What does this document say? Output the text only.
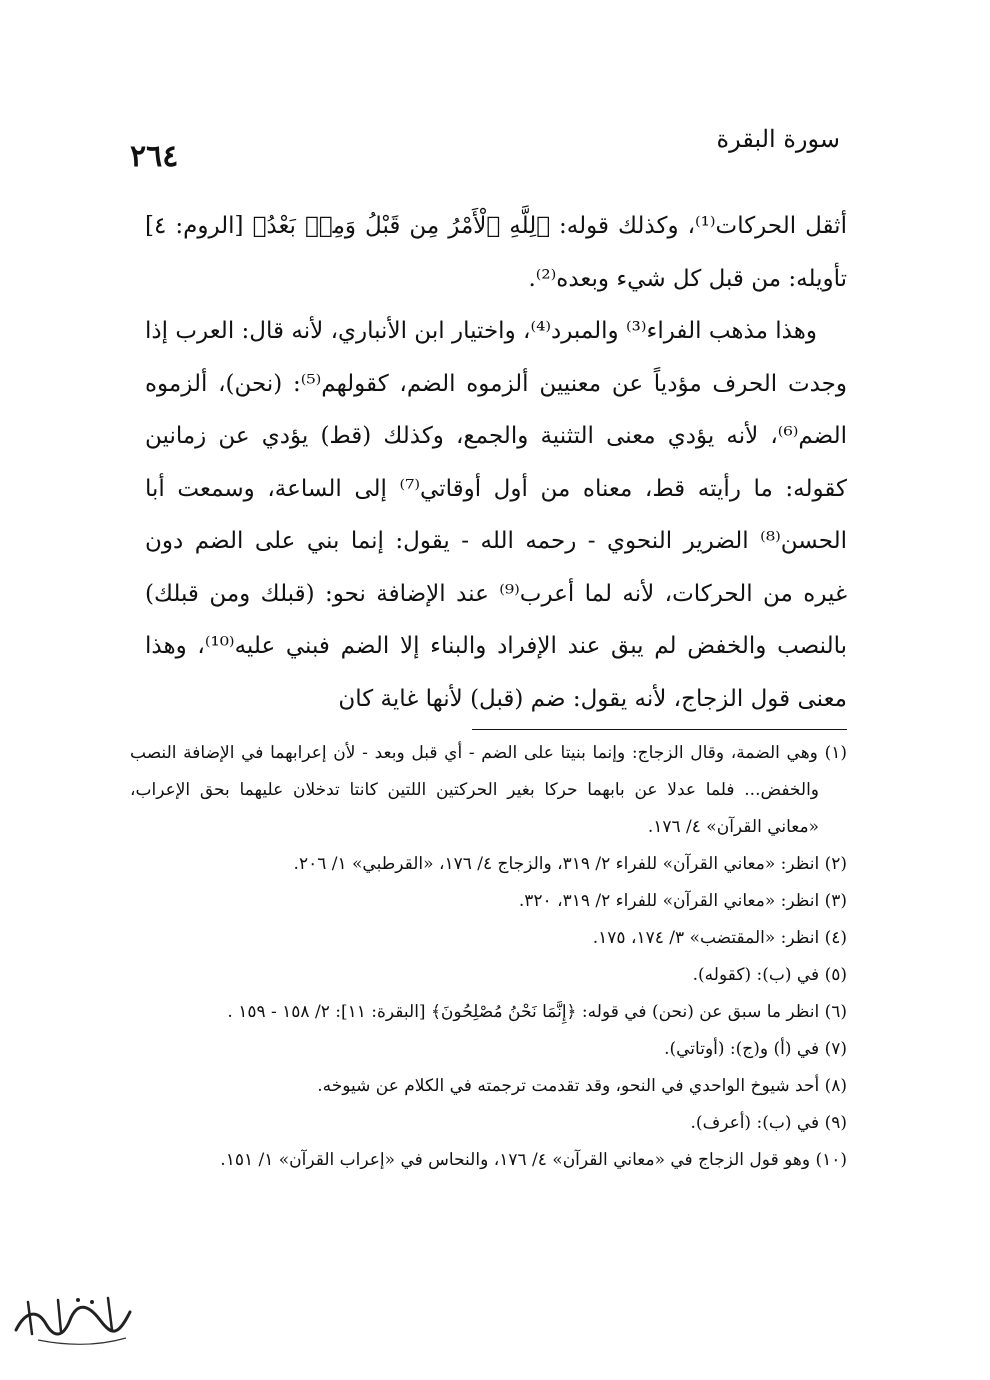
٢٦٤	سورة البقرة

أثقل الحركات⁽¹⁾، وكذلك قوله: ﴿لِلَّهِ ٱلْأَمْرُ مِن قَبْلُ وَمِنۢ بَعْدُ﴾ [الروم: ٤] تأويله: من قبل كل شيء وبعده⁽²⁾.

وهذا مذهب الفراء⁽³⁾ والمبرد⁽⁴⁾، واختيار ابن الأنباري، لأنه قال: العرب إذا وجدت الحرف مؤدياً عن معنيين ألزموه الضم، كقولهم⁽⁵⁾: (نحن)، ألزموه الضم⁽⁶⁾، لأنه يؤدي معنى التثنية والجمع، وكذلك (قط) يؤدي عن زمانين كقوله: ما رأيته قط، معناه من أول أوقاتي⁽⁷⁾ إلى الساعة، وسمعت أبا الحسن⁽⁸⁾ الضرير النحوي - رحمه الله - يقول: إنما بني على الضم دون غيره من الحركات، لأنه لما أعرب⁽⁹⁾ عند الإضافة نحو: (قبلك ومن قبلك) بالنصب والخفض لم يبق عند الإفراد والبناء إلا الضم فبني عليه⁽¹⁰⁾، وهذا معنى قول الزجاج، لأنه يقول: ضم (قبل) لأنها غاية كان

(١) وهي الضمة، وقال الزجاج: وإنما بنيتا على الضم - أي قبل وبعد - لأن إعرابهما في الإضافة النصب والخفض... فلما عدلا عن بابهما حركا بغير الحركتين اللتين كانتا تدخلان عليهما بحق الإعراب، «معاني القرآن» ٤/ ١٧٦.
(٢) انظر: «معاني القرآن» للفراء ٢/ ٣١٩، والزجاج ٤/ ١٧٦، «القرطبي» ١/ ٢٠٦.
(٣) انظر: «معاني القرآن» للفراء ٢/ ٣١٩، ٣٢٠.
(٤) انظر: «المقتضب» ٣/ ١٧٤، ١٧٥.
(٥) في (ب): (كقوله).
(٦) انظر ما سبق عن (نحن) في قوله: ﴿إِنَّمَا نَحْنُ مُصْلِحُونَ﴾ [البقرة: ١١]: ٢/ ١٥٨ - ١٥٩ .
(٧) في (أ) و(ج): (أوتاتي).
(٨) أحد شيوخ الواحدي في النحو، وقد تقدمت ترجمته في الكلام عن شيوخه.
(٩) في (ب): (أعرف).
(١٠) وهو قول الزجاج في «معاني القرآن» ٤/ ١٧٦، والنحاس في «إعراب القرآن» ١/ ١٥١.
